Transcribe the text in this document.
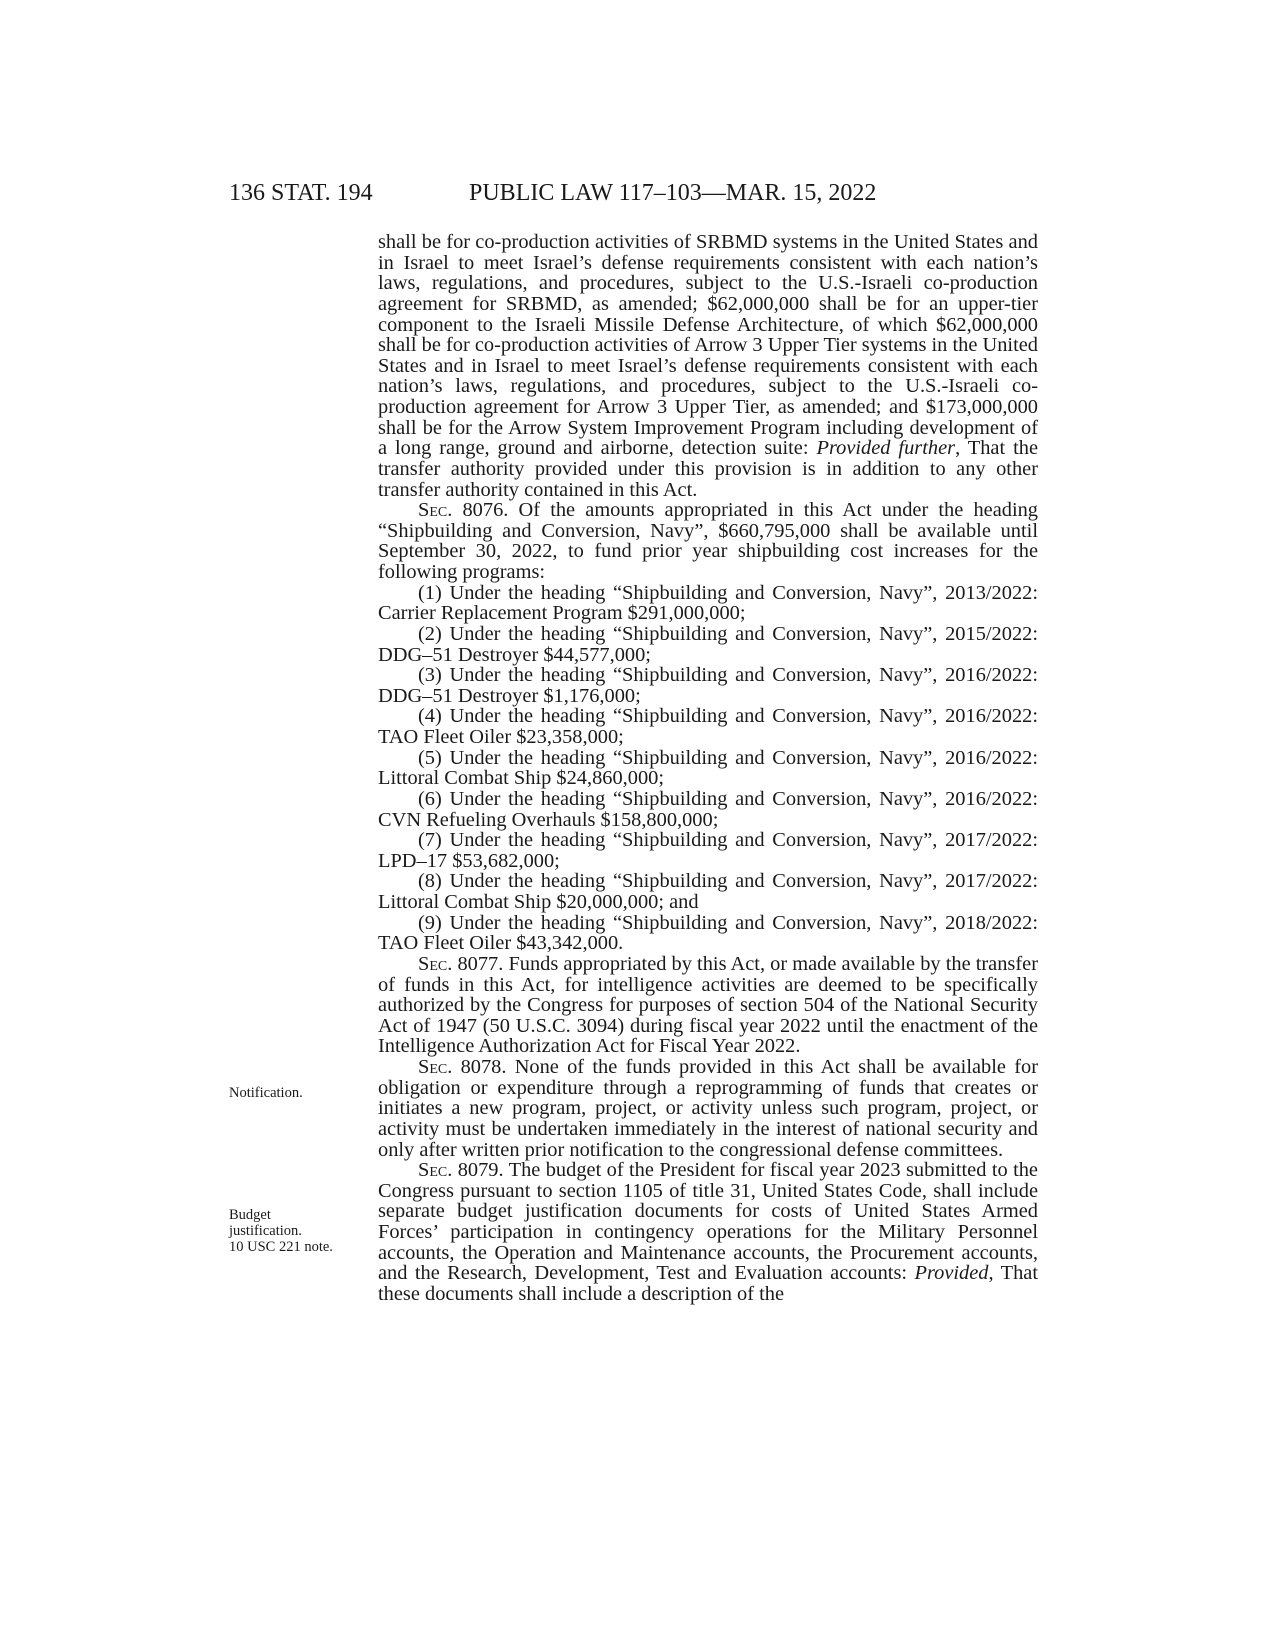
136 STAT. 194	PUBLIC LAW 117–103—MAR. 15, 2022
Notification.
Budget
justification.
10 USC 221 note.

shall be for co-production activities of SRBMD systems in the United States and in Israel to meet Israel’s defense requirements consistent with each nation’s laws, regulations, and procedures, subject to the U.S.-Israeli co-production agreement for SRBMD, as amended; $62,000,000 shall be for an upper-tier component to the Israeli Missile Defense Architecture, of which $62,000,000 shall be for co-production activities of Arrow 3 Upper Tier systems in the United States and in Israel to meet Israel’s defense requirements consistent with each nation’s laws, regulations, and procedures, subject to the U.S.-Israeli co-production agreement for Arrow 3 Upper Tier, as amended; and $173,000,000 shall be for the Arrow System Improvement Program including development of a long range, ground and airborne, detection suite: Provided further, That the transfer authority provided under this provision is in addition to any other transfer authority contained in this Act.

Sec. 8076. Of the amounts appropriated in this Act under the heading “Shipbuilding and Conversion, Navy”, $660,795,000 shall be available until September 30, 2022, to fund prior year shipbuilding cost increases for the following programs:

(1) Under the heading “Shipbuilding and Conversion, Navy”, 2013/2022: Carrier Replacement Program $291,000,000;

(2) Under the heading “Shipbuilding and Conversion, Navy”, 2015/2022: DDG–51 Destroyer $44,577,000;

(3) Under the heading “Shipbuilding and Conversion, Navy”, 2016/2022: DDG–51 Destroyer $1,176,000;

(4) Under the heading “Shipbuilding and Conversion, Navy”, 2016/2022: TAO Fleet Oiler $23,358,000;

(5) Under the heading “Shipbuilding and Conversion, Navy”, 2016/2022: Littoral Combat Ship $24,860,000;

(6) Under the heading “Shipbuilding and Conversion, Navy”, 2016/2022: CVN Refueling Overhauls $158,800,000;

(7) Under the heading “Shipbuilding and Conversion, Navy”, 2017/2022: LPD–17 $53,682,000;

(8) Under the heading “Shipbuilding and Conversion, Navy”, 2017/2022: Littoral Combat Ship $20,000,000; and

(9) Under the heading “Shipbuilding and Conversion, Navy”, 2018/2022: TAO Fleet Oiler $43,342,000.

Sec. 8077. Funds appropriated by this Act, or made available by the transfer of funds in this Act, for intelligence activities are deemed to be specifically authorized by the Congress for purposes of section 504 of the National Security Act of 1947 (50 U.S.C. 3094) during fiscal year 2022 until the enactment of the Intelligence Authorization Act for Fiscal Year 2022.

Sec. 8078. None of the funds provided in this Act shall be available for obligation or expenditure through a reprogramming of funds that creates or initiates a new program, project, or activity unless such program, project, or activity must be undertaken immediately in the interest of national security and only after written prior notification to the congressional defense committees.

Sec. 8079. The budget of the President for fiscal year 2023 submitted to the Congress pursuant to section 1105 of title 31, United States Code, shall include separate budget justification documents for costs of United States Armed Forces’ participation in contingency operations for the Military Personnel accounts, the Operation and Maintenance accounts, the Procurement accounts, and the Research, Development, Test and Evaluation accounts: Provided, That these documents shall include a description of the
